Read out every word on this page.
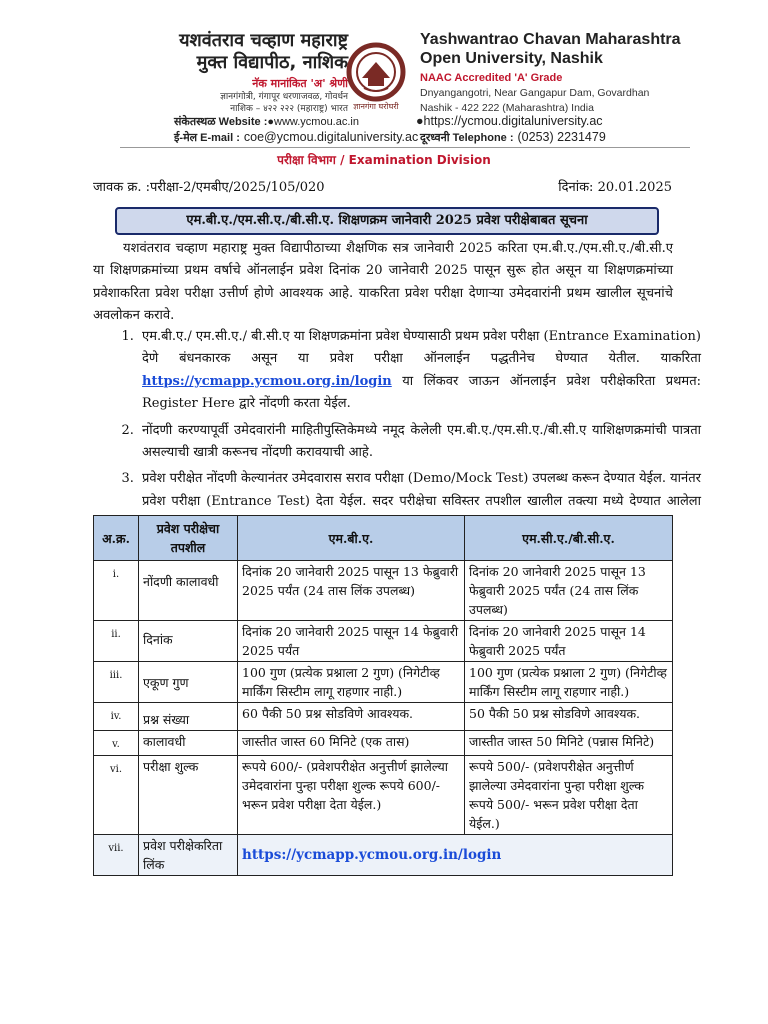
यशवंतराव चव्हाण महाराष्ट्र
मुक्त विद्यापीठ, नाशिक
नॅक मानांकित 'अ' श्रेणी
ज्ञानगंगोत्री, गंगापूर धरणाजवळ, गोवर्धन
नाशिक – ४२२ २२२ (महाराष्ट्र) भारत ज्ञानगंगा घरोघरी
Yashwantrao Chavan Maharashtra
Open University, Nashik
NAAC Accredited 'A' Grade
Dnyangangotri, Near Gangapur Dam, Govardhan
Nashik - 422 222 (Maharashtra) India
संकेतस्थळ Website :●www.ycmou.ac.in	●https://ycmou.digitaluniversity.ac
ई-मेल E-mail : coe@ycmou.digitaluniversity.ac दूरध्वनी Telephone : (0253) 2231479
परीक्षा विभाग / Examination Division
जावक क्र. :परीक्षा-2/एमबीए/2025/105/020	दिनांक: 20.01.2025
एम.बी.ए./एम.सी.ए./बी.सी.ए. शिक्षणक्रम जानेवारी 2025 प्रवेश परीक्षेबाबत सूचना
यशवंतराव चव्हाण महाराष्ट्र मुक्त विद्यापीठाच्या शैक्षणिक सत्र जानेवारी 2025 करिता एम.बी.ए./एम.सी.ए./बी.सी.ए या शिक्षणक्रमांच्या प्रथम वर्षाचे ऑनलाईन प्रवेश दिनांक 20 जानेवारी 2025 पासून सुरू होत असून या शिक्षणक्रमांच्या प्रवेशाकरिता प्रवेश परीक्षा उत्तीर्ण होणे आवश्यक आहे. याकरिता प्रवेश परीक्षा देणाऱ्या उमेदवारांनी प्रथम खालील सूचनांचे अवलोकन करावे.
1. एम.बी.ए./ एम.सी.ए./ बी.सी.ए या शिक्षणक्रमांना प्रवेश घेण्यासाठी प्रथम प्रवेश परीक्षा (Entrance Examination) देणे बंधनकारक असून या प्रवेश परीक्षा ऑनलाईन पद्धतीनेच घेण्यात येतील. याकरिता https://ycmapp.ycmou.org.in/login या लिंकवर जाऊन ऑनलाईन प्रवेश परीक्षेकरिता प्रथमत: Register Here द्वारे नोंदणी करता येईल.
2. नोंदणी करण्यापूर्वी उमेदवारांनी माहितीपुस्तिकेमध्ये नमूद केलेली एम.बी.ए./एम.सी.ए./बी.सी.ए याशिक्षणक्रमांची पात्रता असल्याची खात्री करूनच नोंदणी करावयाची आहे.
3. प्रवेश परीक्षेत नोंदणी केल्यानंतर उमेदवारास सराव परीक्षा (Demo/Mock Test) उपलब्ध करून देण्यात येईल. यानंतर प्रवेश परीक्षा (Entrance Test) देता येईल. सदर परीक्षेचा सविस्तर तपशील खालील तक्त्या मध्ये देण्यात आलेला
अ.क्र.	प्रवेश परीक्षेचा तपशील	एम.बी.ए.	एम.सी.ए./बी.सी.ए.
i.	नोंदणी कालावधी	दिनांक 20 जानेवारी 2025 पासून 13 फेब्रुवारी 2025 पर्यंत (24 तास लिंक उपलब्ध)	दिनांक 20 जानेवारी 2025 पासून 13 फेब्रुवारी 2025 पर्यंत (24 तास लिंक उपलब्ध)
ii.	दिनांक	दिनांक 20 जानेवारी 2025 पासून 14 फेब्रुवारी 2025 पर्यंत	दिनांक 20 जानेवारी 2025 पासून 14 फेब्रुवारी 2025 पर्यंत
iii.	एकूण गुण	100 गुण (प्रत्येक प्रश्नाला 2 गुण) (निगेटीव्ह मार्किंग सिस्टीम लागू राहणार नाही.)	100 गुण (प्रत्येक प्रश्नाला 2 गुण) (निगेटीव्ह मार्किंग सिस्टीम लागू राहणार नाही.)
iv.	प्रश्न संख्या	60 पैकी 50 प्रश्न सोडविणे आवश्यक.	50 पैकी 50 प्रश्न सोडविणे आवश्यक.
v.	कालावधी	जास्तीत जास्त 60 मिनिटे (एक तास)	जास्तीत जास्त 50 मिनिटे (पन्नास मिनिटे)
vi.	परीक्षा शुल्क	रूपये 600/- (प्रवेशपरीक्षेत अनुत्तीर्ण झालेल्या उमेदवारांना पुन्हा परीक्षा शुल्क रूपये 600/- भरून प्रवेश परीक्षा देता येईल.)	रूपये 500/- (प्रवेशपरीक्षेत अनुत्तीर्ण झालेल्या उमेदवारांना पुन्हा परीक्षा शुल्क रूपये 500/- भरून प्रवेश परीक्षा देता येईल.)
vii.	प्रवेश परीक्षेकरिता लिंक	https://ycmapp.ycmou.org.in/login	
